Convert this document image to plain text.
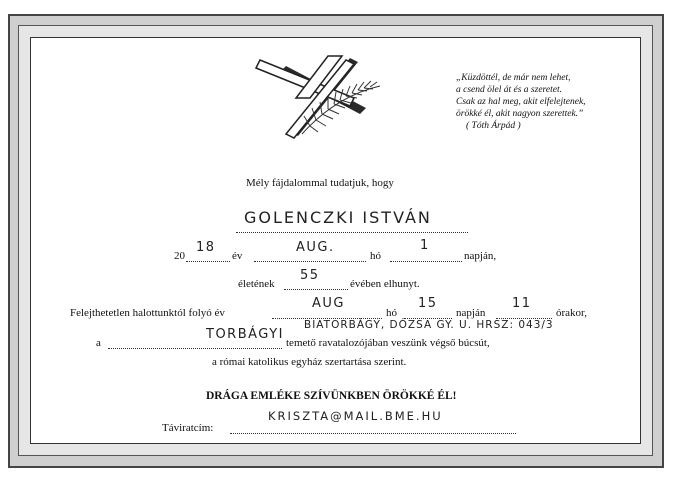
„Küzdöttél, de már nem lehet,
a csend ölel át és a szeretet.
Csak az hal meg, akit elfelejtenek,
örökké él, akit nagyon szerettek.”
( Tóth Árpád )
Mély fájdalommal tudatjuk, hogy
GOLENCZKI ISTVÁN
20
18
év
AUG.
hó
1
napján,
életének
55
évében elhunyt.
Felejthetetlen halottunktól folyó év
AUG
hó
15
napján
11
órakor,
BIATORBÁGY, DÓZSA GY. U. HRSZ: 043/3
a
TORBÁGYI
temető ravatalozójában veszünk végső búcsút,
a római katolikus egyház szertartása szerint.
DRÁGA EMLÉKE SZÍVÜNKBEN ÖRÖKKÉ ÉL!
Táviratcím:
KRISZTA@MAIL.BME.HU
